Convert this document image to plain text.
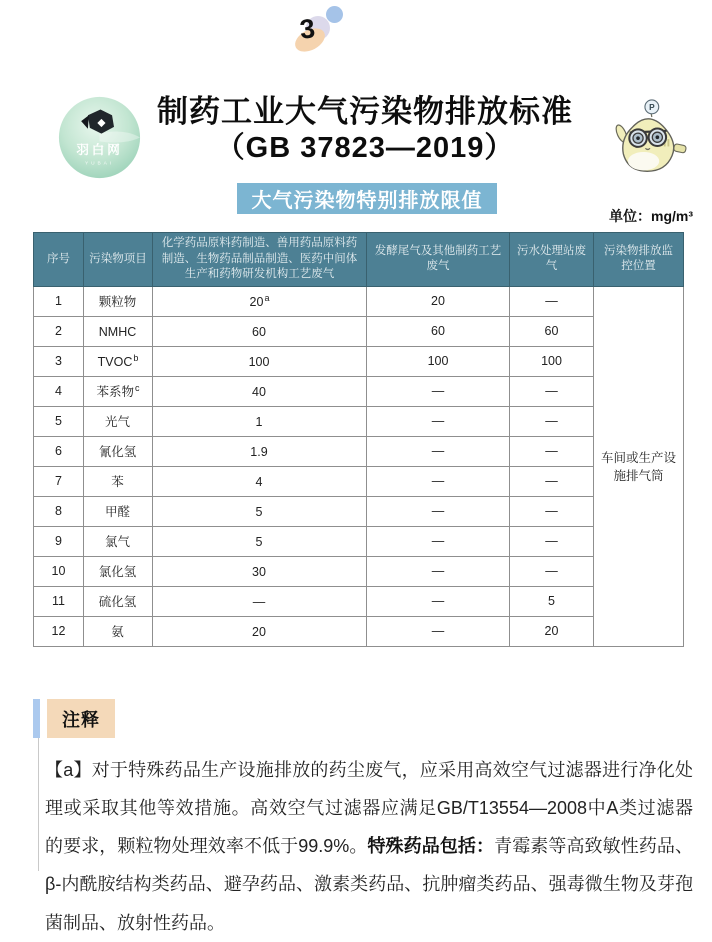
3
羽白网
YUBAI
制药工业大气污染物排放标准
（GB 37823—2019）
P
大气污染物特别排放限值
单位：mg/m³
序号	污染物项目	化学药品原料药制造、兽用药品原料药制造、生物药品制品制造、医药中间体生产和药物研发机构工艺废气	发酵尾气及其他制药工艺废气	污水处理站废气	污染物排放监控位置
1	颗粒物	20$^a$	20	—	车间或生产设施排气筒
2	NMHC	60	60	60	
3	TVOC$^b$	100	100	100	
4	苯系物$^c$	40	—	—	
5	光气	1	—	—	
6	氰化氢	1.9	—	—	
7	苯	4	—	—	
8	甲醛	5	—	—	
9	氯气	5	—	—	
10	氯化氢	30	—	—	
11	硫化氢	—	—	5	
12	氨	20	—	20	
注释

【a】对于特殊药品生产设施排放的药尘废气，应采用高效空气过滤器进行净化处理或采取其他等效措施。高效空气过滤器应满足GB/T13554—2008中A类过滤器的要求，颗粒物处理效率不低于99.9%。特殊药品包括：青霉素等高致敏性药品、β-内酰胺结构类药品、避孕药品、激素类药品、抗肿瘤类药品、强毒微生物及芽孢菌制品、放射性药品。
